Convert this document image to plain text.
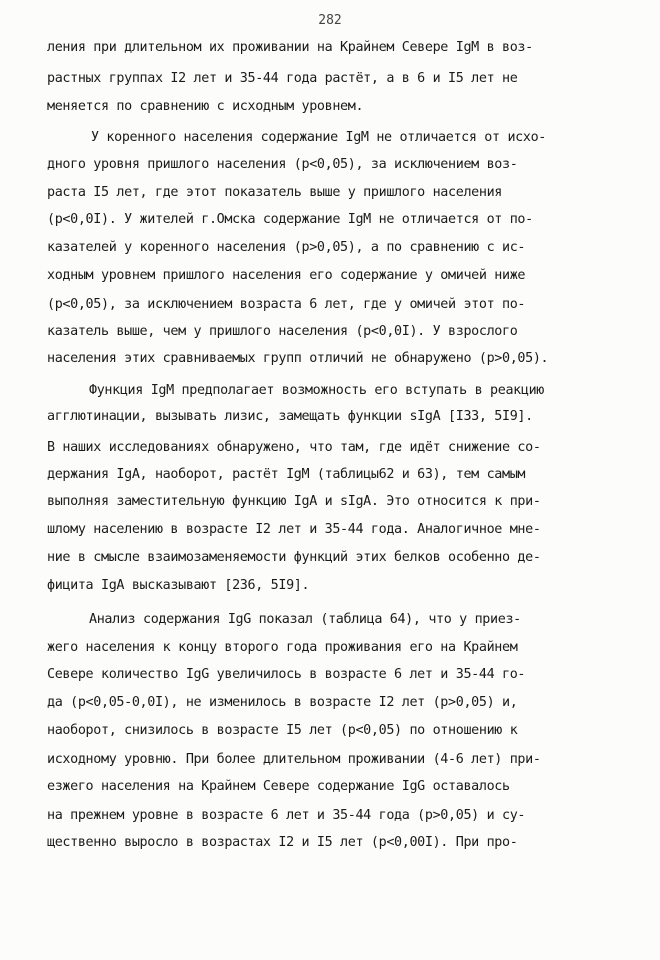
282
ления при длительном их проживании на Крайнем Севере IgM в воз-
растных группах I2 лет и 35-44 года растёт, а в 6 и I5 лет не
меняется по сравнению с исходным уровнем.
У коренного населения содержание IgM не отличается от исхо-
дного уровня пришлого населения (p<0,05), за исключением воз-
раста I5 лет, где этот показатель выше у пришлого населения
(p<0,0I). У жителей г.Омска содержание IgM не отличается от по-
казателей у коренного населения (p>0,05), а по сравнению с ис-
ходным уровнем пришлого населения его содержание у омичей ниже
(p<0,05), за исключением возраста 6 лет, где у омичей этот по-
казатель выше, чем у пришлого населения (p<0,0I). У взрослого
населения этих сравниваемых групп отличий не обнаружено (p>0,05).
Функция IgM предполагает возможность его вступать в реакцию
агглютинации, вызывать лизис, замещать функции sIgA [I33, 5I9].
В наших исследованиях обнаружено, что там, где идёт снижение со-
держания IgA, наоборот, растёт IgM (таблицы62 и 63), тем самым
выполняя заместительную функцию IgA и sIgA. Это относится к при-
шлому населению в возрасте I2 лет и 35-44 года. Аналогичное мне-
ние в смысле взаимозаменяемости функций этих белков особенно де-
фицита IgA высказывают [236, 5I9].
Анализ содержания IgG показал (таблица 64), что у приез-
жего населения к концу второго года проживания его на Крайнем
Севере количество IgG увеличилось в возрасте 6 лет и 35-44 го-
да (p<0,05-0,0I), не изменилось в возрасте I2 лет (p>0,05) и,
наоборот, снизилось в возрасте I5 лет (p<0,05) по отношению к
исходному уровню. При более длительном проживании (4-6 лет) при-
езжего населения на Крайнем Севере содержание IgG оставалось
на прежнем уровне в возрасте 6 лет и 35-44 года (p>0,05) и су-
щественно выросло в возрастах I2 и I5 лет (p<0,00I). При про-
